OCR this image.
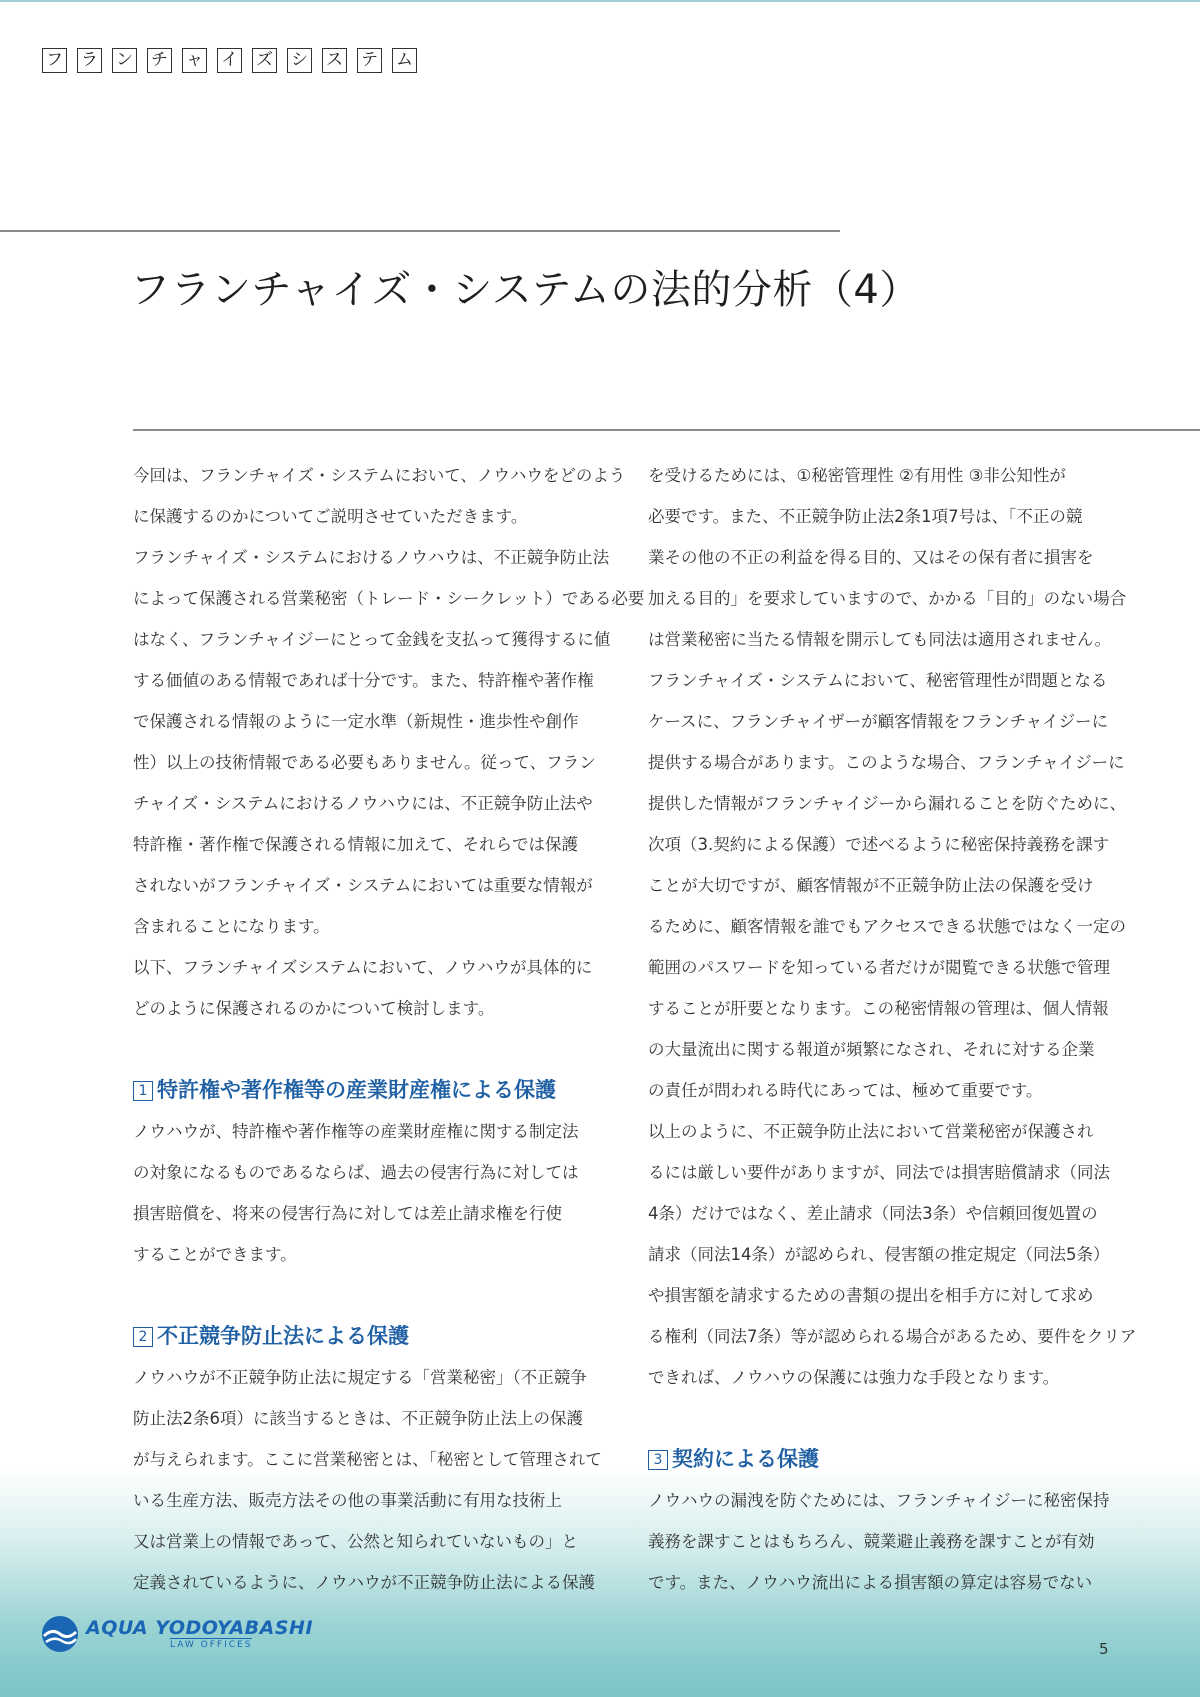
フ ラ ン チ ャ イ ズ シ ス テ ム
フランチャイズ・システムの法的分析（4）
今回は、フランチャイズ・システムにおいて、ノウハウをどのよう
に保護するのかについてご説明させていただきます。
フランチャイズ・システムにおけるノウハウは、不正競争防止法
によって保護される営業秘密（トレード・シークレット）である必要
はなく、フランチャイジーにとって金銭を支払って獲得するに値
する価値のある情報であれば十分です。また、特許権や著作権
で保護される情報のように一定水準（新規性・進歩性や創作
性）以上の技術情報である必要もありません。従って、フラン
チャイズ・システムにおけるノウハウには、不正競争防止法や
特許権・著作権で保護される情報に加えて、それらでは保護
されないがフランチャイズ・システムにおいては重要な情報が
含まれることになります。
以下、フランチャイズシステムにおいて、ノウハウが具体的に
どのように保護されるのかについて検討します。
1 特許権や著作権等の産業財産権による保護
ノウハウが、特許権や著作権等の産業財産権に関する制定法
の対象になるものであるならば、過去の侵害行為に対しては
損害賠償を、将来の侵害行為に対しては差止請求権を行使
することができます。
2 不正競争防止法による保護
ノウハウが不正競争防止法に規定する「営業秘密」（不正競争
防止法2条6項）に該当するときは、不正競争防止法上の保護
が与えられます。ここに営業秘密とは、「秘密として管理されて
いる生産方法、販売方法その他の事業活動に有用な技術上
又は営業上の情報であって、公然と知られていないもの」と
定義されているように、ノウハウが不正競争防止法による保護
を受けるためには、①秘密管理性 ②有用性 ③非公知性が
必要です。また、不正競争防止法2条1項7号は、「不正の競
業その他の不正の利益を得る目的、又はその保有者に損害を
加える目的」を要求していますので、かかる「目的」のない場合
は営業秘密に当たる情報を開示しても同法は適用されません。
フランチャイズ・システムにおいて、秘密管理性が問題となる
ケースに、フランチャイザーが顧客情報をフランチャイジーに
提供する場合があります。このような場合、フランチャイジーに
提供した情報がフランチャイジーから漏れることを防ぐために、
次項（3.契約による保護）で述べるように秘密保持義務を課す
ことが大切ですが、顧客情報が不正競争防止法の保護を受け
るために、顧客情報を誰でもアクセスできる状態ではなく一定の
範囲のパスワードを知っている者だけが閲覧できる状態で管理
することが肝要となります。この秘密情報の管理は、個人情報
の大量流出に関する報道が頻繁になされ、それに対する企業
の責任が問われる時代にあっては、極めて重要です。
以上のように、不正競争防止法において営業秘密が保護され
るには厳しい要件がありますが、同法では損害賠償請求（同法
4条）だけではなく、差止請求（同法3条）や信頼回復処置の
請求（同法14条）が認められ、侵害額の推定規定（同法5条）
や損害額を請求するための書類の提出を相手方に対して求め
る権利（同法7条）等が認められる場合があるため、要件をクリア
できれば、ノウハウの保護には強力な手段となります。
3 契約による保護
ノウハウの漏洩を防ぐためには、フランチャイジーに秘密保持
義務を課すことはもちろん、競業避止義務を課すことが有効
です。また、ノウハウ流出による損害額の算定は容易でない
AQUA YODOYABASHI
LAW OFFICES	5
